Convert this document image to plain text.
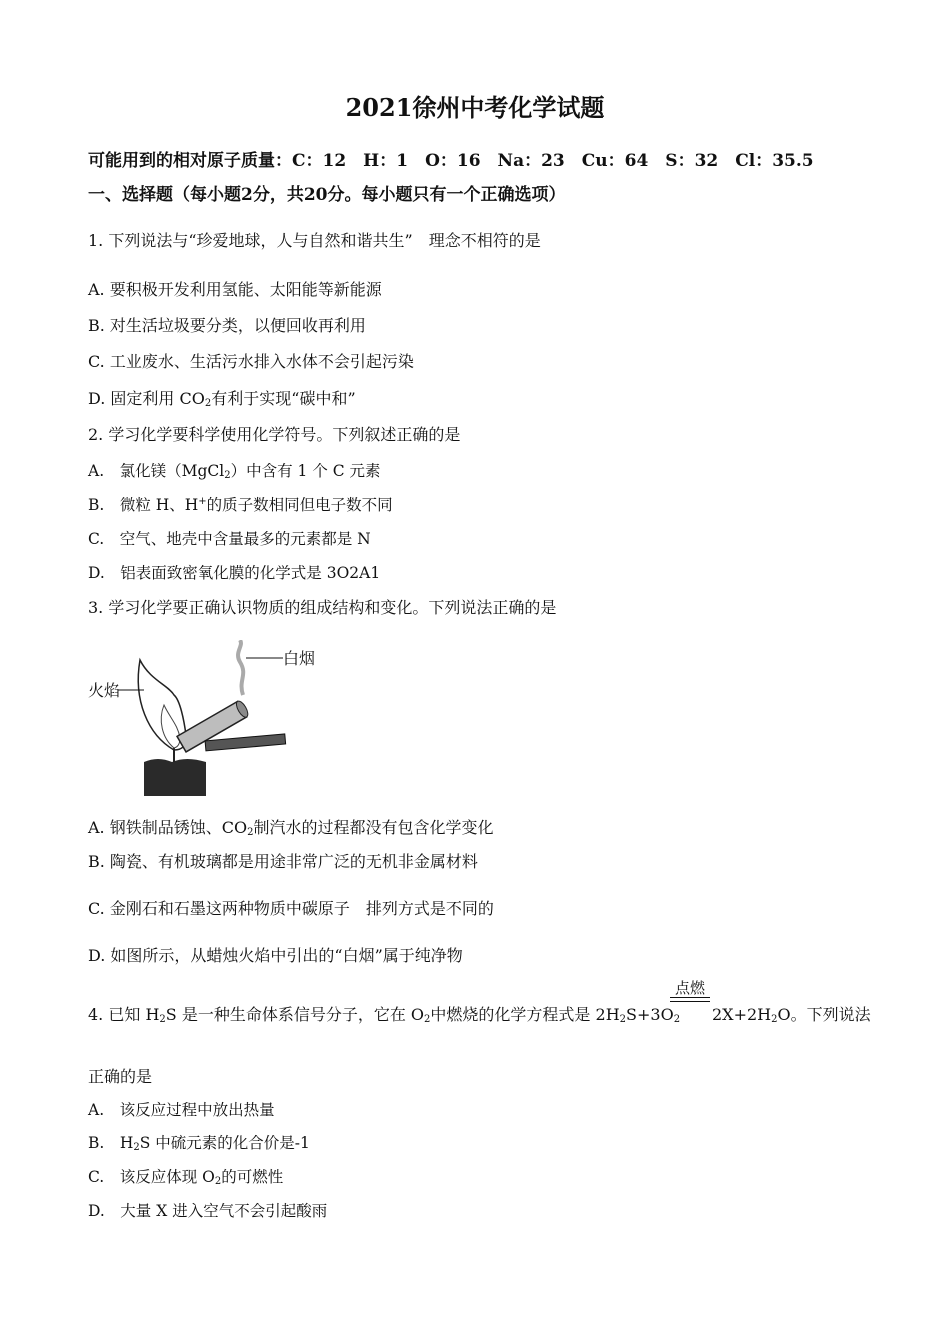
2021徐州中考化学试题
可能用到的相对原子质量：C：12　H：1　O：16　Na：23　Cu：64　S：32　Cl：35.5
一、选择题（每小题2分，共20分。每小题只有一个正确选项）
1. 下列说法与“珍爱地球，人与自然和谐共生”　理念不相符的是
A. 要积极开发利用氢能、太阳能等新能源
B. 对生活垃圾要分类，以便回收再利用
C. 工业废水、生活污水排入水体不会引起污染
D. 固定利用 $CO_2$有利于实现“碳中和”
2. 学习化学要科学使用化学符号。下列叙述正确的是
A.　氯化镁（MgCl$_2$）中含有 1 个 C 元素
B.　微粒 H、H+的质子数相同但电子数不同
C.　空气、地壳中含量最多的元素都是 N
D.　铝表面致密氧化膜的化学式是 3O2A1
3. 学习化学要正确认识物质的组成结构和变化。下列说法正确的是
白烟
火焰
A. 钢铁制品锈蚀、$CO_2$制汽水的过程都没有包含化学变化
B. 陶瓷、有机玻璃都是用途非常广泛的无机非金属材料
C. 金刚石和石墨这两种物质中碳原子　排列方式是不同的
D. 如图所示，从蜡烛火焰中引出的“白烟”属于纯净物
4. 已知 $H_2S$ 是一种生命体系信号分子，它在 $O_2$中燃烧的化学方程式是 $2H_2S+3O_2$
点燃
$2X+2H_2O$。下列说法
正确的是
A.　该反应过程中放出热量
B.　$H_2S$ 中硫元素的化合价是-1
C.　该反应体现 $O_2$的可燃性
D.　大量 X 进入空气不会引起酸雨
